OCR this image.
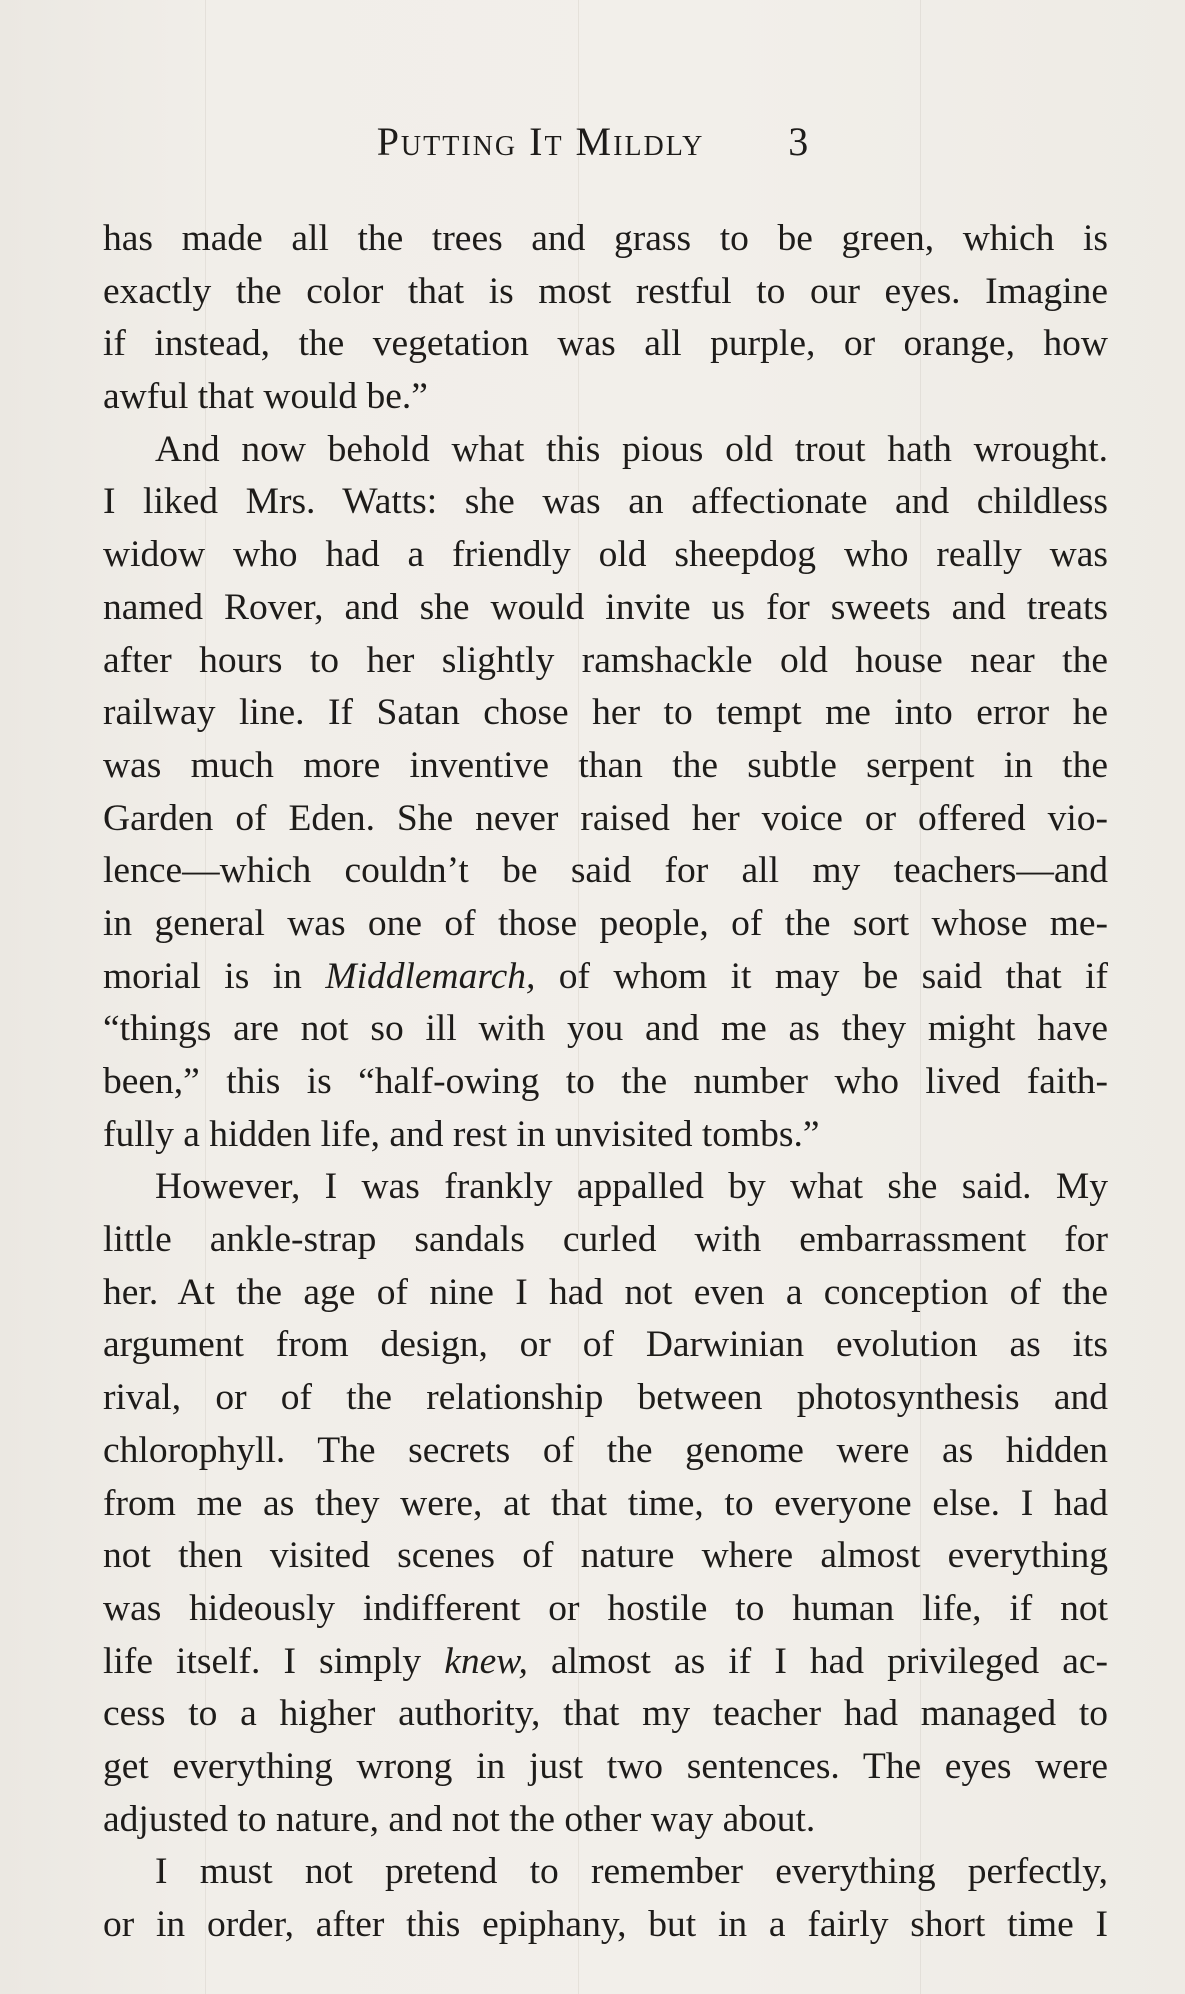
Putting It Mildly 3
has made all the trees and grass to be green, which is
exactly the color that is most restful to our eyes. Imagine
if instead, the vegetation was all purple, or orange, how
awful that would be.”
And now behold what this pious old trout hath wrought.
I liked Mrs. Watts: she was an affectionate and childless
widow who had a friendly old sheepdog who really was
named Rover, and she would invite us for sweets and treats
after hours to her slightly ramshackle old house near the
railway line. If Satan chose her to tempt me into error he
was much more inventive than the subtle serpent in the
Garden of Eden. She never raised her voice or offered vio-
lence—which couldn’t be said for all my teachers—and
in general was one of those people, of the sort whose me-
morial is in Middlemarch, of whom it may be said that if
“things are not so ill with you and me as they might have
been,” this is “half-owing to the number who lived faith-
fully a hidden life, and rest in unvisited tombs.”
However, I was frankly appalled by what she said. My
little ankle-strap sandals curled with embarrassment for
her. At the age of nine I had not even a conception of the
argument from design, or of Darwinian evolution as its
rival, or of the relationship between photosynthesis and
chlorophyll. The secrets of the genome were as hidden
from me as they were, at that time, to everyone else. I had
not then visited scenes of nature where almost everything
was hideously indifferent or hostile to human life, if not
life itself. I simply knew, almost as if I had privileged ac-
cess to a higher authority, that my teacher had managed to
get everything wrong in just two sentences. The eyes were
adjusted to nature, and not the other way about.
I must not pretend to remember everything perfectly,
or in order, after this epiphany, but in a fairly short time I
